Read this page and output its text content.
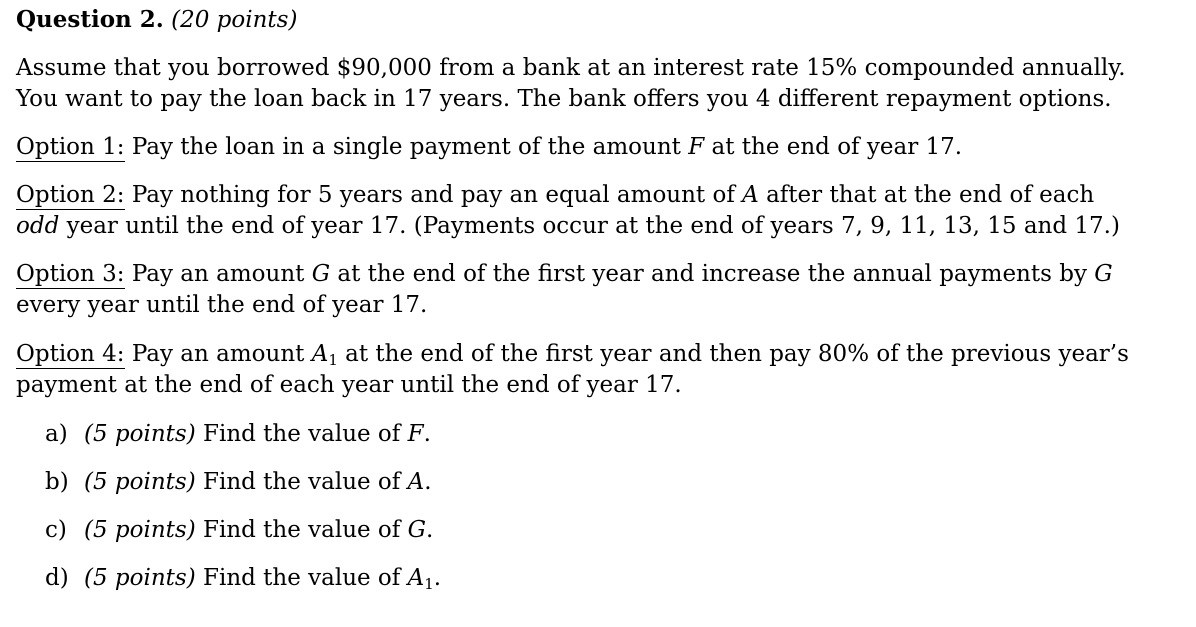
Question 2. (20 points)
Assume that you borrowed $90,000 from a bank at an interest rate 15% compounded annually.
You want to pay the loan back in 17 years. The bank offers you 4 different repayment options.
Option 1: Pay the loan in a single payment of the amount F at the end of year 17.
Option 2: Pay nothing for 5 years and pay an equal amount of A after that at the end of each
odd year until the end of year 17. (Payments occur at the end of years 7, 9, 11, 13, 15 and 17.)
Option 3: Pay an amount G at the end of the first year and increase the annual payments by G
every year until the end of year 17.
Option 4: Pay an amount $A_1$ at the end of the first year and then pay 80% of the previous year’s
payment at the end of each year until the end of year 17.
a) (5 points) Find the value of F.
b) (5 points) Find the value of A.
c) (5 points) Find the value of G.
d) (5 points) Find the value of $A_1$.
